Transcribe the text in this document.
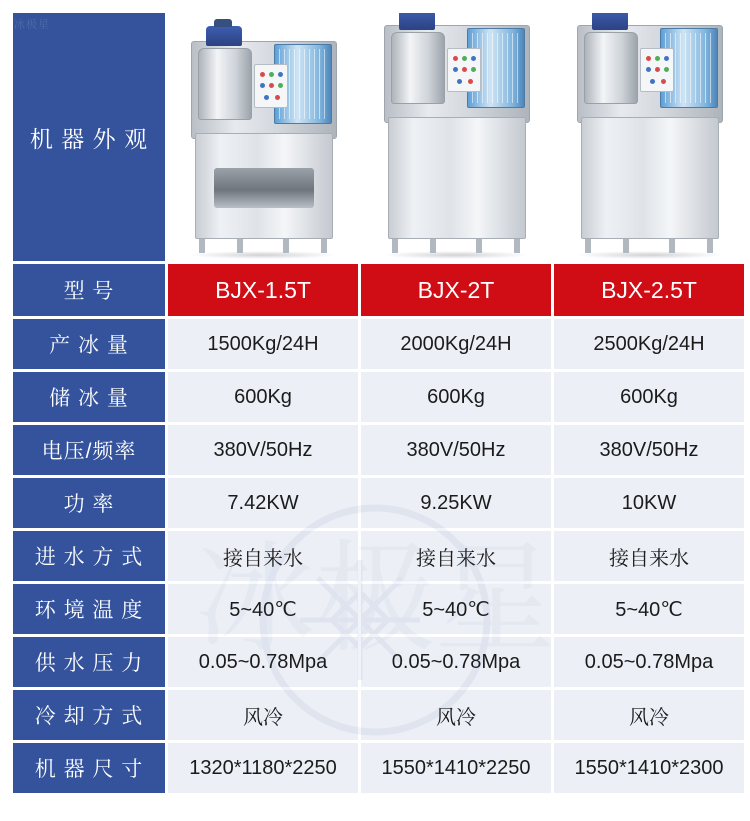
冰极星
机 器 外 观	

型 号	BJX-1.5T	BJX-2T	BJX-2.5T
产 冰 量	1500Kg/24H	2000Kg/24H	2500Kg/24H
储 冰 量	600Kg	600Kg	600Kg
电压/频率	380V/50Hz	380V/50Hz	380V/50Hz
功 率	7.42KW	9.25KW	10KW
进 水 方 式	接自来水	接自来水	接自来水
环 境 温 度	5~40℃	5~40℃	5~40℃
供 水 压 力	0.05~0.78Mpa	0.05~0.78Mpa	0.05~0.78Mpa
冷 却 方 式	风冷	风冷	风冷
机 器 尺 寸	1320*1180*2250	1550*1410*2250	1550*1410*2300
